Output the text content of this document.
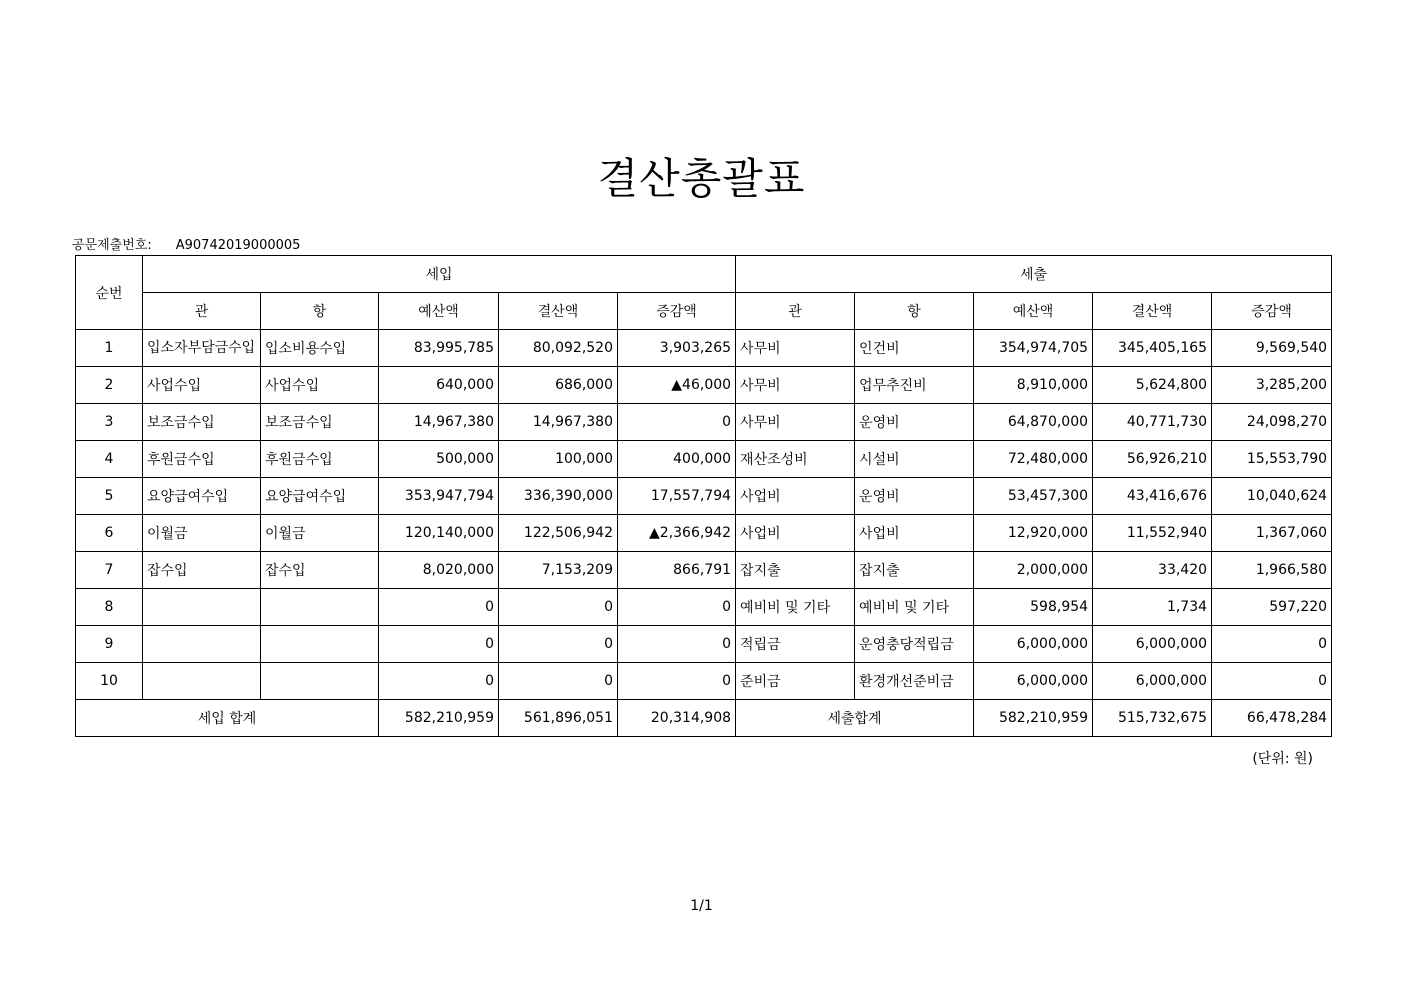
결산총괄표
공문제출번호: A90742019000005
순번	세입					세출				
	관	항	예산액	결산액	증감액	관	항	예산액	결산액	증감액
1	입소자부담금수입	입소비용수입	83,995,785	80,092,520	3,903,265	사무비	인건비	354,974,705	345,405,165	9,569,540
2	사업수입	사업수입	640,000	686,000	▲46,000	사무비	업무추진비	8,910,000	5,624,800	3,285,200
3	보조금수입	보조금수입	14,967,380	14,967,380	0	사무비	운영비	64,870,000	40,771,730	24,098,270
4	후원금수입	후원금수입	500,000	100,000	400,000	재산조성비	시설비	72,480,000	56,926,210	15,553,790
5	요양급여수입	요양급여수입	353,947,794	336,390,000	17,557,794	사업비	운영비	53,457,300	43,416,676	10,040,624
6	이월금	이월금	120,140,000	122,506,942	▲2,366,942	사업비	사업비	12,920,000	11,552,940	1,367,060
7	잡수입	잡수입	8,020,000	7,153,209	866,791	잡지출	잡지출	2,000,000	33,420	1,966,580
8			0	0	0	예비비 및 기타	예비비 및 기타	598,954	1,734	597,220
9			0	0	0	적립금	운영충당적립금	6,000,000	6,000,000	0
10			0	0	0	준비금	환경개선준비금	6,000,000	6,000,000	0
세입 합계			582,210,959	561,896,051	20,314,908	세출합계		582,210,959	515,732,675	66,478,284
(단위: 원)
1/1
